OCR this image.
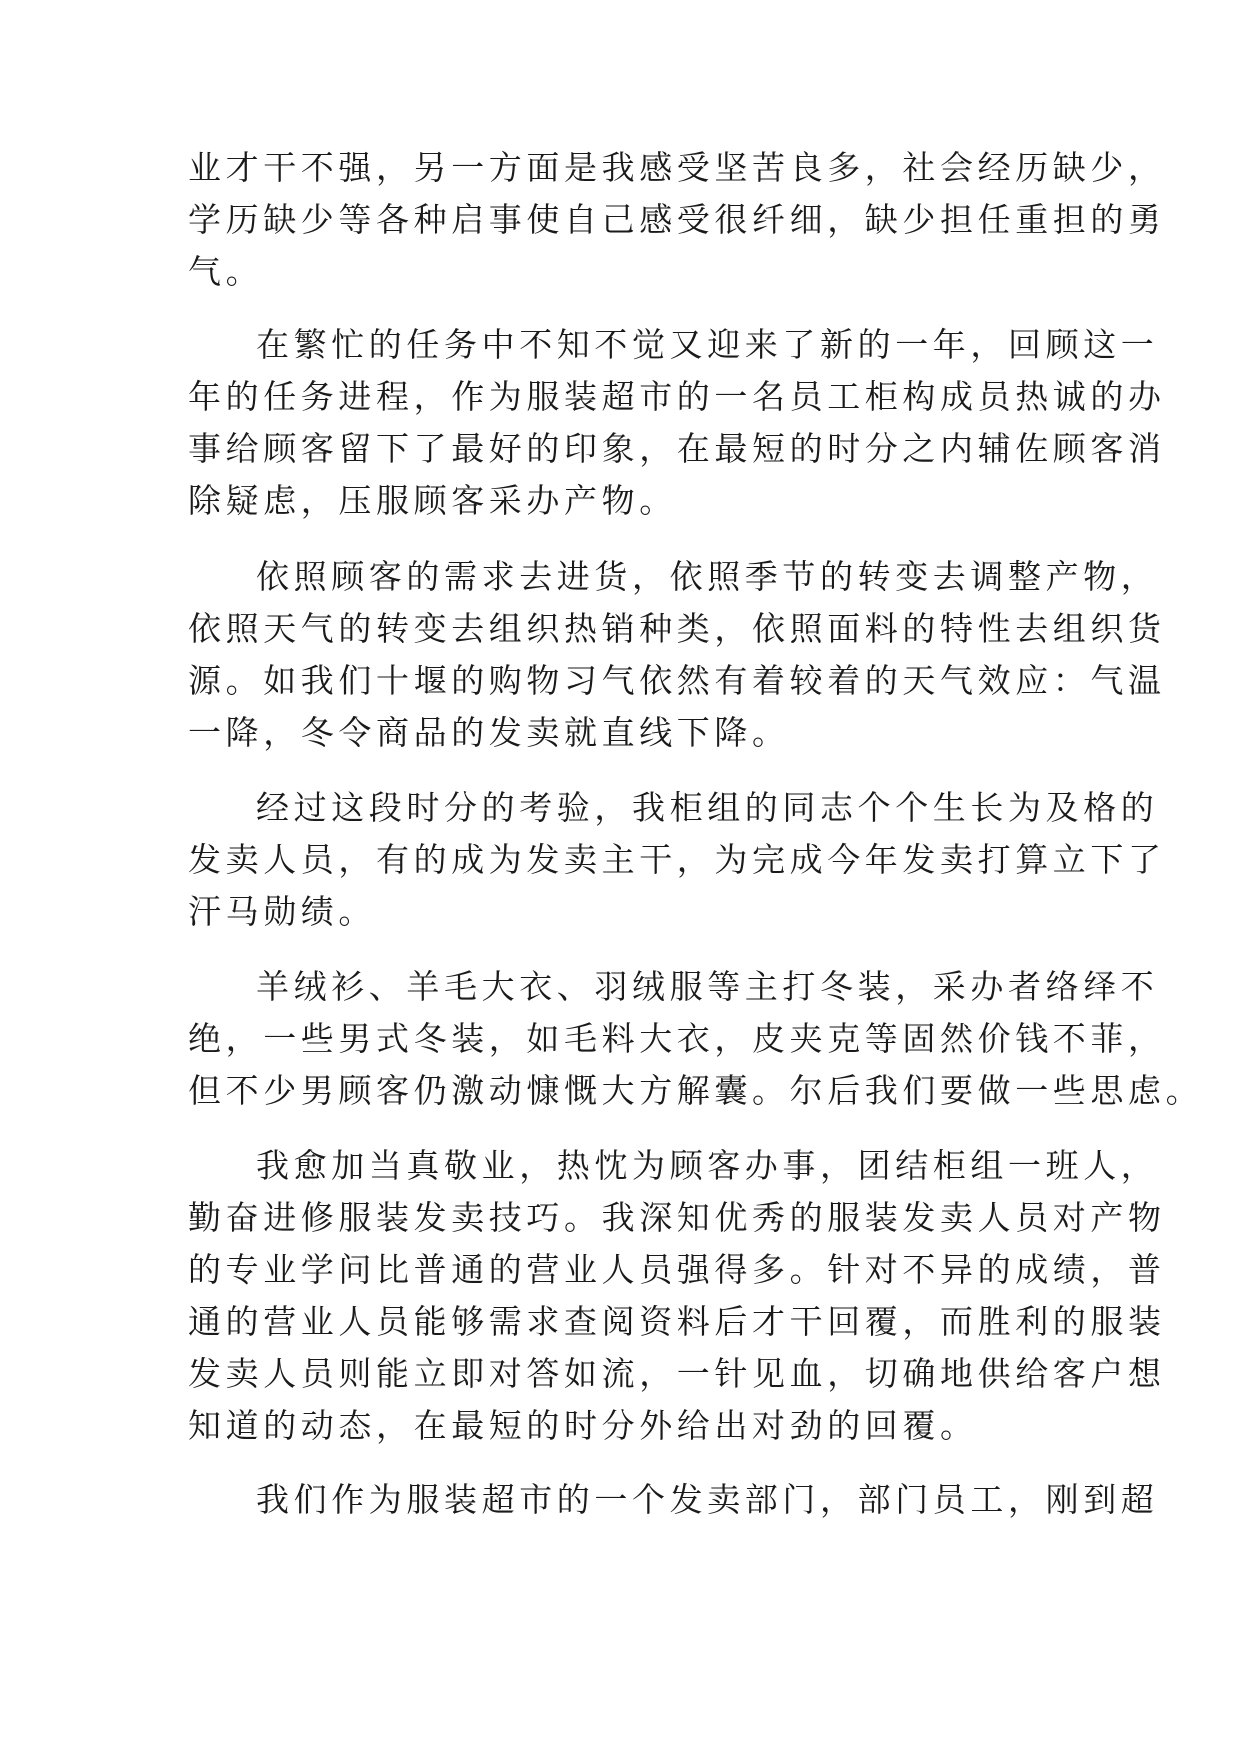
业才干不强，另一方面是我感受坚苦良多，社会经历缺少，
学历缺少等各种启事使自己感受很纤细，缺少担任重担的勇
气。
在繁忙的任务中不知不觉又迎来了新的一年，回顾这一
年的任务进程，作为服装超市的一名员工柜构成员热诚的办
事给顾客留下了最好的印象，在最短的时分之内辅佐顾客消
除疑虑，压服顾客采办产物。
依照顾客的需求去进货，依照季节的转变去调整产物，
依照天气的转变去组织热销种类，依照面料的特性去组织货
源。如我们十堰的购物习气依然有着较着的天气效应：气温
一降，冬令商品的发卖就直线下降。
经过这段时分的考验，我柜组的同志个个生长为及格的
发卖人员，有的成为发卖主干，为完成今年发卖打算立下了
汗马勋绩。
羊绒衫、羊毛大衣、羽绒服等主打冬装，采办者络绎不
绝，一些男式冬装，如毛料大衣，皮夹克等固然价钱不菲，
但不少男顾客仍激动慷慨大方解囊。尔后我们要做一些思虑。
我愈加当真敬业，热忱为顾客办事，团结柜组一班人，
勤奋进修服装发卖技巧。我深知优秀的服装发卖人员对产物
的专业学问比普通的营业人员强得多。针对不异的成绩，普
通的营业人员能够需求查阅资料后才干回覆，而胜利的服装
发卖人员则能立即对答如流，一针见血，切确地供给客户想
知道的动态，在最短的时分外给出对劲的回覆。
我们作为服装超市的一个发卖部门，部门员工，刚到超
